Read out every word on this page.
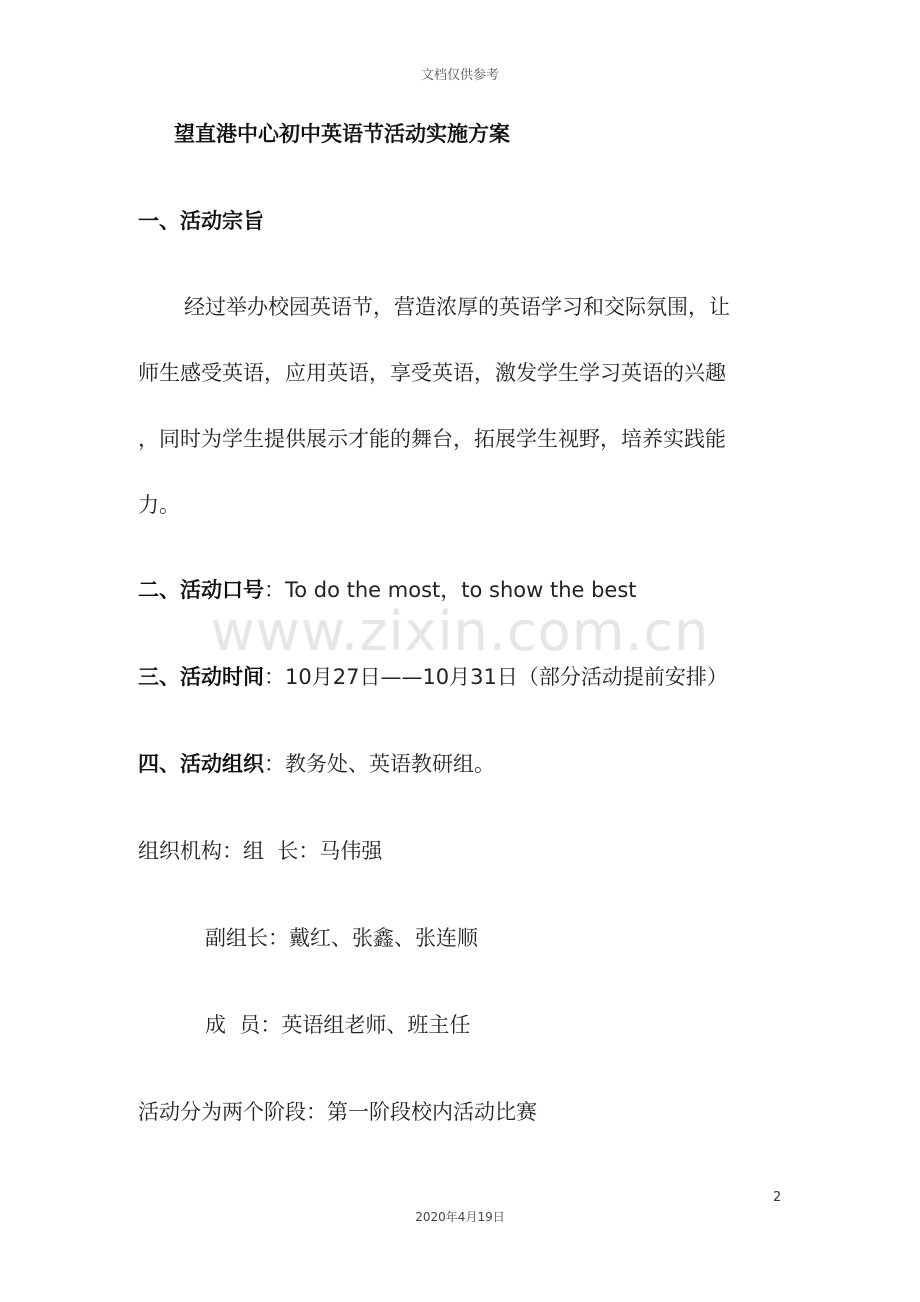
文档仅供参考
望直港中心初中英语节活动实施方案
一、活动宗旨
经过举办校园英语节，营造浓厚的英语学习和交际氛围，让
师生感受英语，应用英语，享受英语，激发学生学习英语的兴趣
，同时为学生提供展示才能的舞台，拓展学生视野，培养实践能
力。
二、活动口号：To do the most，to show the best
www.zixin.com.cn
三、活动时间：10月27日——10月31日（部分活动提前安排）
四、活动组织：教务处、英语教研组。
组织机构：组  长：马伟强
副组长：戴红、张鑫、张连顺
成  员：英语组老师、班主任
活动分为两个阶段：第一阶段校内活动比赛
2
2020年4月19日
